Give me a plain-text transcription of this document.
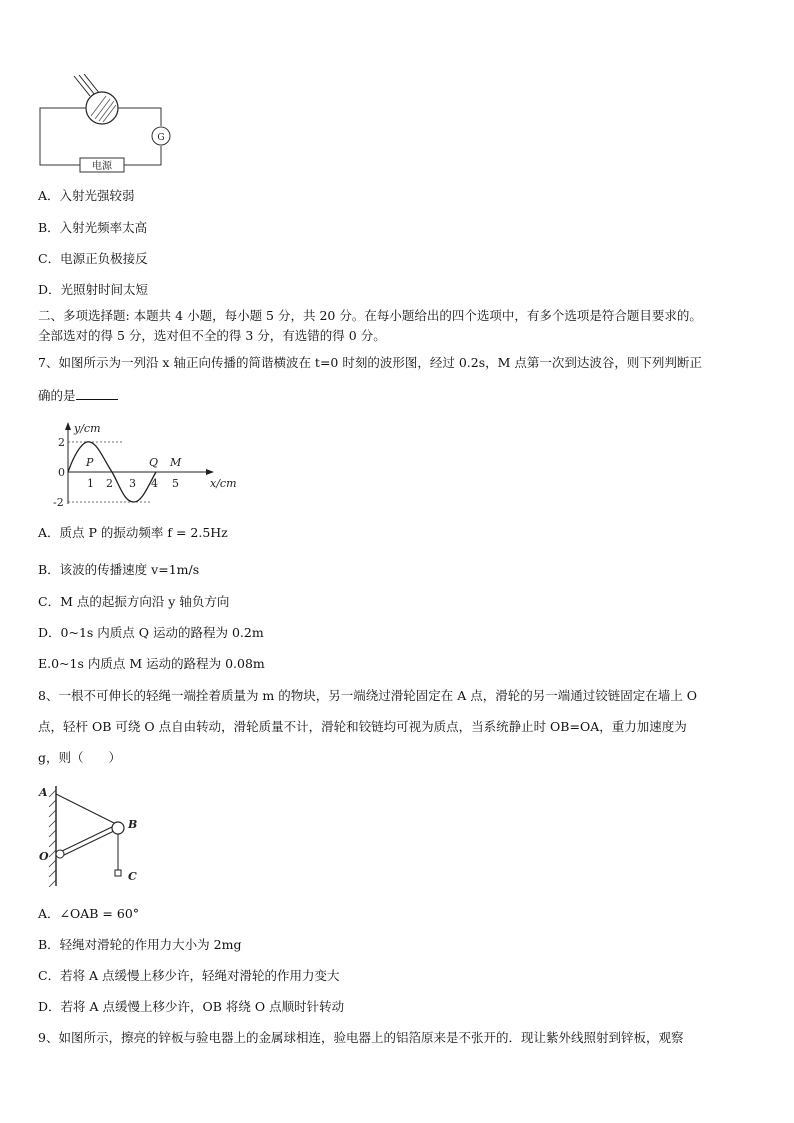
G
电源
A．入射光强较弱
B．入射光频率太高
C．电源正负极接反
D．光照射时间太短
二、多项选择题: 本题共 4 小题，每小题 5 分，共 20 分。在每小题给出的四个选项中，有多个选项是符合题目要求的。
全部选对的得 5 分，选对但不全的得 3 分，有选错的得 0 分。
7、如图所示为一列沿 x 轴正向传播的简谐横波在 t=0 时刻的波形图，经过 0.2s，M 点第一次到达波谷，则下列判断正
确的是
y/cm
2
0
-2
1 2 3 4 5	x/cm
P	Q M
A．质点 P 的振动频率 f = 2.5Hz
B．该波的传播速度 v=1m/s
C．M 点的起振方向沿 y 轴负方向
D．0~1s 内质点 Q 运动的路程为 0.2m
E.0~1s 内质点 M 运动的路程为 0.08m
8、一根不可伸长的轻绳一端拴着质量为 m 的物块，另一端绕过滑轮固定在 A 点，滑轮的另一端通过铰链固定在墙上 O
点，轻杆 OB 可绕 O 点自由转动，滑轮质量不计，滑轮和铰链均可视为质点，当系统静止时 OB=OA，重力加速度为
g，则（　　）
A
B
O
C
A．∠OAB = 60°
B．轻绳对滑轮的作用力大小为 2mg
C．若将 A 点缓慢上移少许，轻绳对滑轮的作用力变大
D．若将 A 点缓慢上移少许，OB 将绕 O 点顺时针转动
9、如图所示，擦亮的锌板与验电器上的金属球相连，验电器上的铝箔原来是不张开的．现让紫外线照射到锌板，观察
